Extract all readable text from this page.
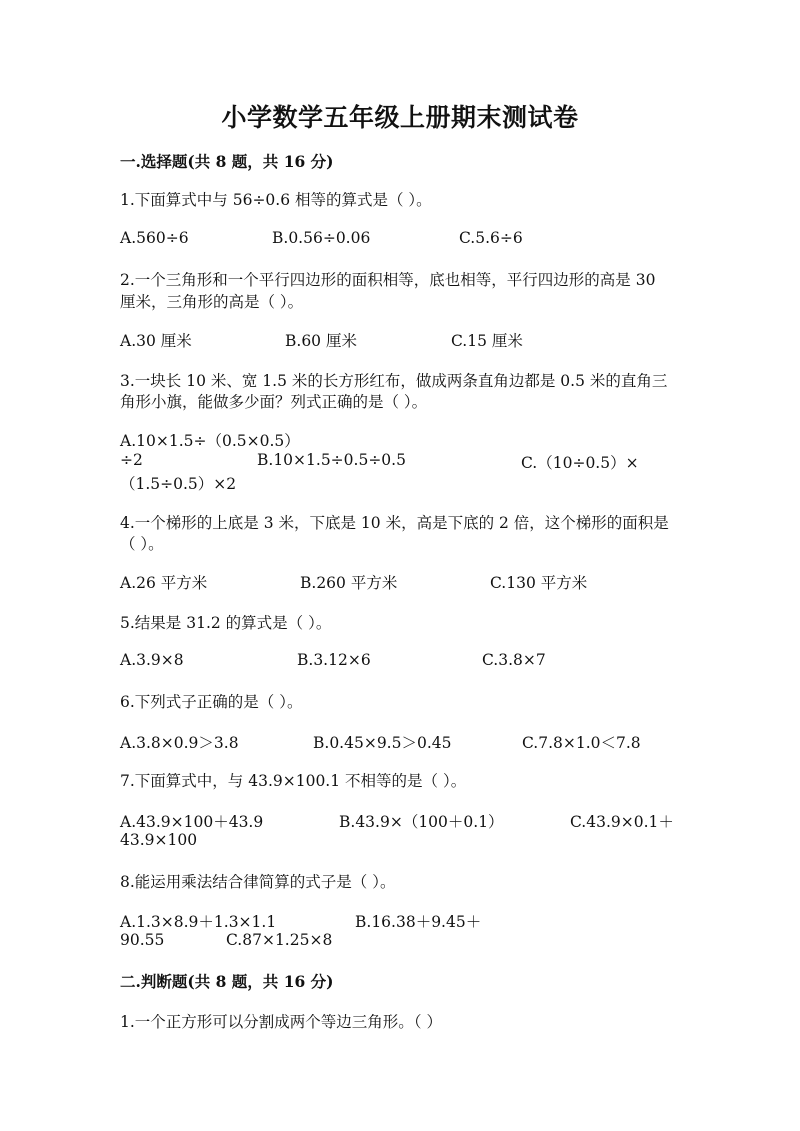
小学数学五年级上册期末测试卷
一.选择题(共 8 题，共 16 分)
1.下面算式中与 56÷0.6 相等的算式是（ ）。
A.560÷6	B.0.56÷0.06	C.5.6÷6
2.一个三角形和一个平行四边形的面积相等，底也相等，平行四边形的高是 30
厘米，三角形的高是（ ）。
A.30 厘米	B.60 厘米	C.15 厘米
3.一块长 10 米、宽 1.5 米的长方形红布，做成两条直角边都是 0.5 米的直角三
角形小旗，能做多少面？列式正确的是（ ）。
A.10×1.5÷（0.5×0.5）
÷2	B.10×1.5÷0.5÷0.5	C.（10÷0.5）×
（1.5÷0.5）×2
4.一个梯形的上底是 3 米，下底是 10 米，高是下底的 2 倍，这个梯形的面积是
（ ）。
A.26 平方米	B.260 平方米	C.130 平方米
5.结果是 31.2 的算式是（ ）。
A.3.9×8	B.3.12×6	C.3.8×7
6.下列式子正确的是（ ）。
A.3.8×0.9＞3.8	B.0.45×9.5＞0.45	C.7.8×1.0＜7.8
7.下面算式中，与 43.9×100.1 不相等的是（ ）。
A.43.9×100＋43.9	B.43.9×（100＋0.1）	C.43.9×0.1＋
43.9×100
8.能运用乘法结合律简算的式子是（ ）。
A.1.3×8.9＋1.3×1.1	B.16.38＋9.45＋
90.55	C.87×1.25×8
二.判断题(共 8 题，共 16 分)
1.一个正方形可以分割成两个等边三角形。（ ）
